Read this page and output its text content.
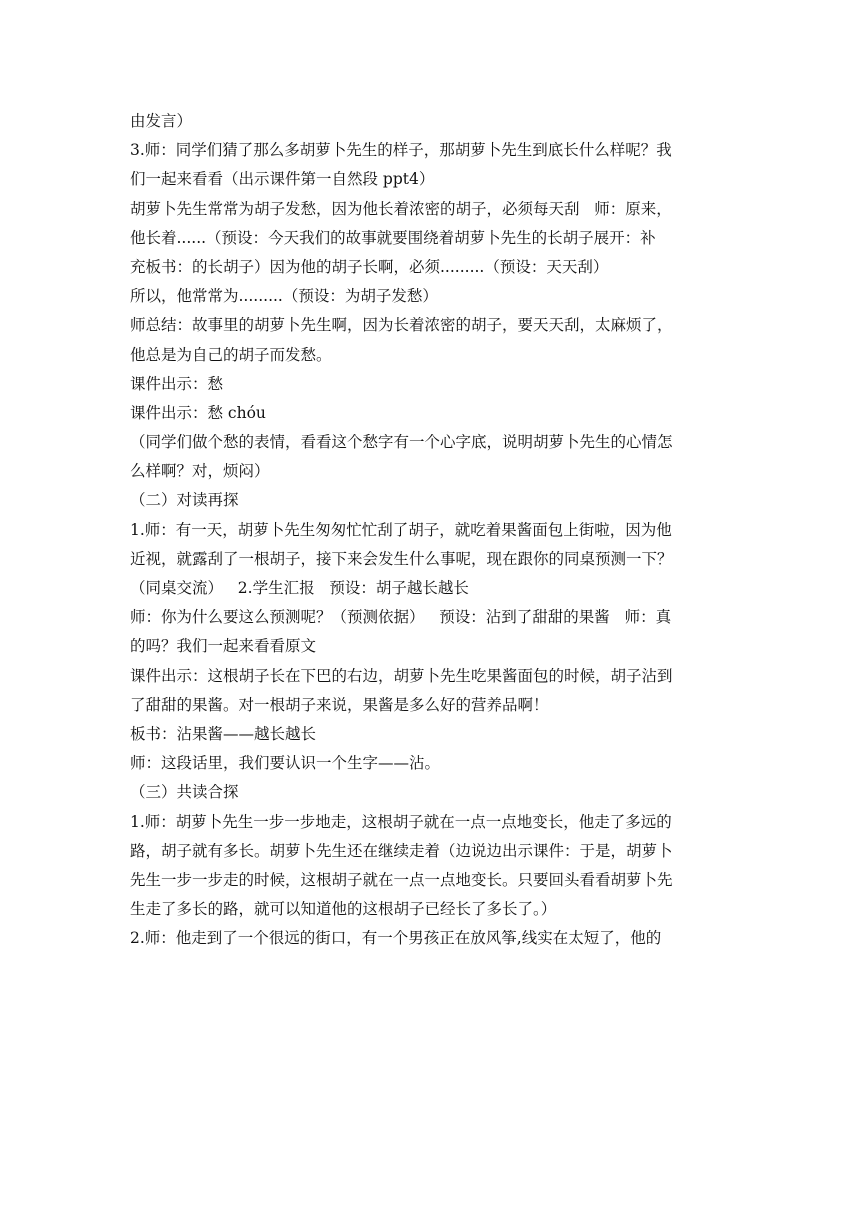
由发言）
3.师：同学们猜了那么多胡萝卜先生的样子，那胡萝卜先生到底长什么样呢？我
们一起来看看（出示课件第一自然段 ppt4）
胡萝卜先生常常为胡子发愁，因为他长着浓密的胡子，必须每天刮   师：原来，
他长着......（预设：今天我们的故事就要围绕着胡萝卜先生的长胡子展开：补
充板书：的长胡子）因为他的胡子长啊，必须.........（预设：天天刮）
所以，他常常为.........（预设：为胡子发愁）
师总结：故事里的胡萝卜先生啊，因为长着浓密的胡子，要天天刮，太麻烦了，
他总是为自己的胡子而发愁。
课件出示：愁
课件出示：愁 chóu
（同学们做个愁的表情，看看这个愁字有一个心字底，说明胡萝卜先生的心情怎
么样啊？对，烦闷）
（二）对读再探
1.师：有一天，胡萝卜先生匆匆忙忙刮了胡子，就吃着果酱面包上街啦，因为他
近视，就露刮了一根胡子，接下来会发生什么事呢，现在跟你的同桌预测一下？
（同桌交流）   2.学生汇报   预设：胡子越长越长
师：你为什么要这么预测呢？（预测依据）   预设：沾到了甜甜的果酱   师：真
的吗？我们一起来看看原文
课件出示：这根胡子长在下巴的右边，胡萝卜先生吃果酱面包的时候，胡子沾到
了甜甜的果酱。对一根胡子来说，果酱是多么好的营养品啊！
板书：沾果酱——越长越长
师：这段话里，我们要认识一个生字——沾。
（三）共读合探
1.师：胡萝卜先生一步一步地走，这根胡子就在一点一点地变长，他走了多远的
路，胡子就有多长。胡萝卜先生还在继续走着（边说边出示课件：于是，胡萝卜
先生一步一步走的时候，这根胡子就在一点一点地变长。只要回头看看胡萝卜先
生走了多长的路，就可以知道他的这根胡子已经长了多长了。）
2.师：他走到了一个很远的街口，有一个男孩正在放风筝,线实在太短了，他的
